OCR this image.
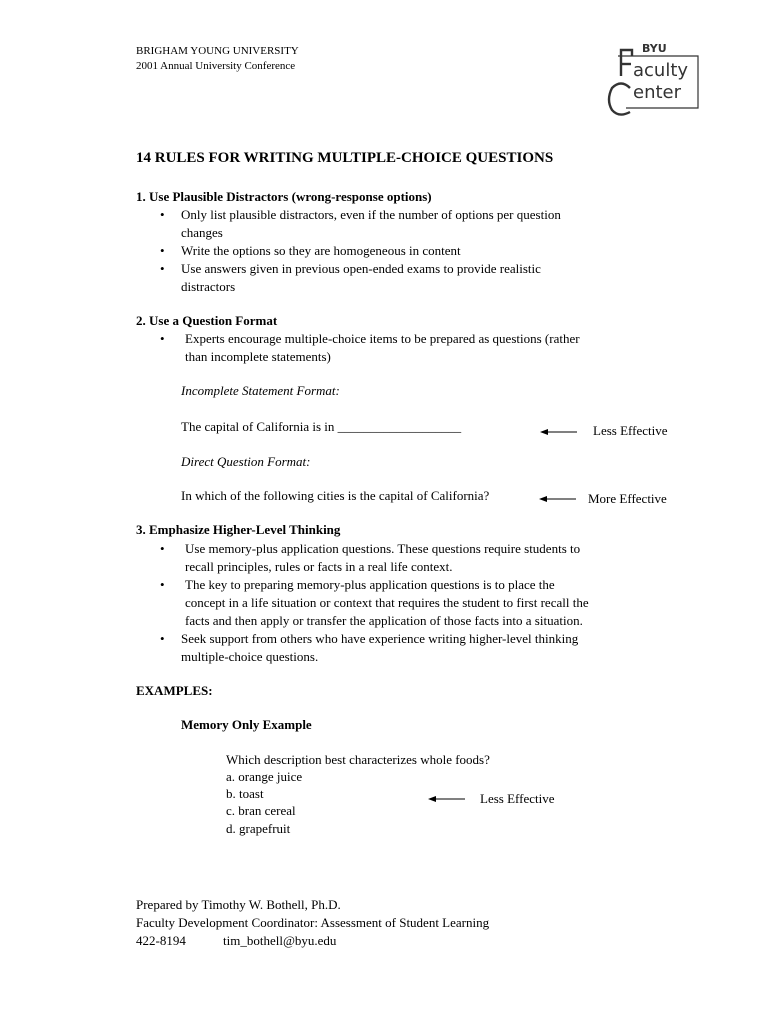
BRIGHAM YOUNG UNIVERSITY
2001 Annual University Conference
BYU
aculty
enter
14 RULES FOR WRITING MULTIPLE-CHOICE QUESTIONS
1. Use Plausible Distractors (wrong-response options)
• Only list plausible distractors, even if the number of options per question
changes
• Write the options so they are homogeneous in content
• Use answers given in previous open-ended exams to provide realistic
distractors
2. Use a Question Format
• Experts encourage multiple-choice items to be prepared as questions (rather
than incomplete statements)
Incomplete Statement Format:
The capital of California is in ___________________	Less Effective
Direct Question Format:
In which of the following cities is the capital of California?	More Effective
3. Emphasize Higher-Level Thinking
• Use memory-plus application questions. These questions require students to
recall principles, rules or facts in a real life context.
• The key to preparing memory-plus application questions is to place the
concept in a life situation or context that requires the student to first recall the
facts and then apply or transfer the application of those facts into a situation.
• Seek support from others who have experience writing higher-level thinking
multiple-choice questions.
EXAMPLES:
Memory Only Example
Which description best characterizes whole foods?
a. orange juice
b. toast
c. bran cereal
d. grapefruit
Less Effective
Prepared by Timothy W. Bothell, Ph.D.
Faculty Development Coordinator: Assessment of Student Learning
422-8194	tim_bothell@byu.edu
